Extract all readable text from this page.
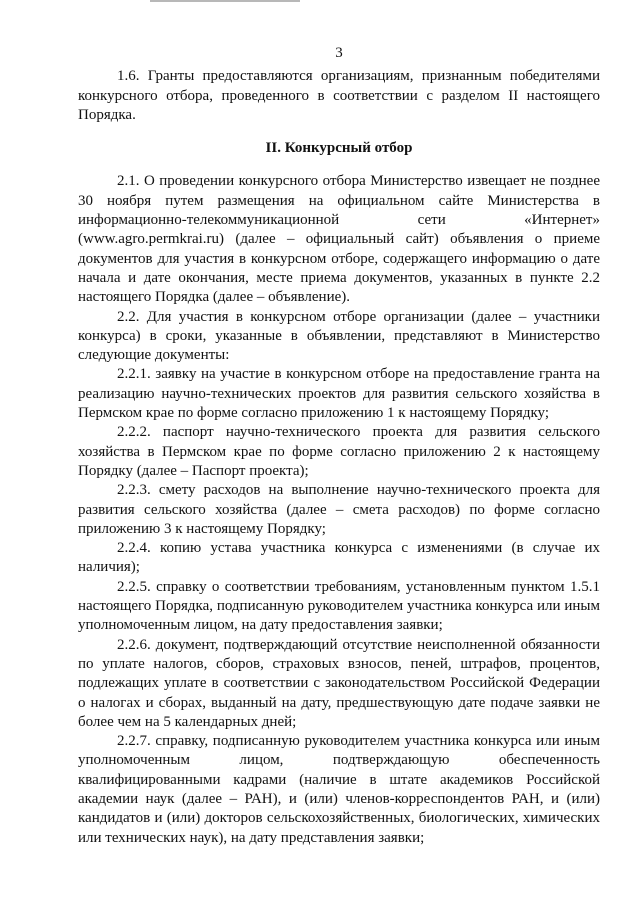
3

1.6. Гранты предоставляются организациям, признанным победителями конкурсного отбора, проведенного в соответствии с разделом II настоящего Порядка.

II. Конкурсный отбор

2.1. О проведении конкурсного отбора Министерство извещает не позднее 30 ноября путем размещения на официальном сайте Министерства в информационно-телекоммуникационной сети «Интернет» (www.agro.permkrai.ru) (далее – официальный сайт) объявления о приеме документов для участия в конкурсном отборе, содержащего информацию о дате начала и дате окончания, месте приема документов, указанных в пункте 2.2 настоящего Порядка (далее – объявление).

2.2. Для участия в конкурсном отборе организации (далее – участники конкурса) в сроки, указанные в объявлении, представляют в Министерство следующие документы:

2.2.1. заявку на участие в конкурсном отборе на предоставление гранта на реализацию научно-технических проектов для развития сельского хозяйства в Пермском крае по форме согласно приложению 1 к настоящему Порядку;

2.2.2. паспорт научно-технического проекта для развития сельского хозяйства в Пермском крае по форме согласно приложению 2 к настоящему Порядку (далее – Паспорт проекта);

2.2.3. смету расходов на выполнение научно-технического проекта для развития сельского хозяйства (далее – смета расходов) по форме согласно приложению 3 к настоящему Порядку;

2.2.4. копию устава участника конкурса с изменениями (в случае их наличия);

2.2.5. справку о соответствии требованиям, установленным пунктом 1.5.1 настоящего Порядка, подписанную руководителем участника конкурса или иным уполномоченным лицом, на дату предоставления заявки;

2.2.6. документ, подтверждающий отсутствие неисполненной обязанности по уплате налогов, сборов, страховых взносов, пеней, штрафов, процентов, подлежащих уплате в соответствии с законодательством Российской Федерации о налогах и сборах, выданный на дату, предшествующую дате подаче заявки не более чем на 5 календарных дней;

2.2.7. справку, подписанную руководителем участника конкурса или иным уполномоченным лицом, подтверждающую обеспеченность квалифицированными кадрами (наличие в штате академиков Российской академии наук (далее – РАН), и (или) членов-корреспондентов РАН, и (или) кандидатов и (или) докторов сельскохозяйственных, биологических, химических или технических наук), на дату представления заявки;
